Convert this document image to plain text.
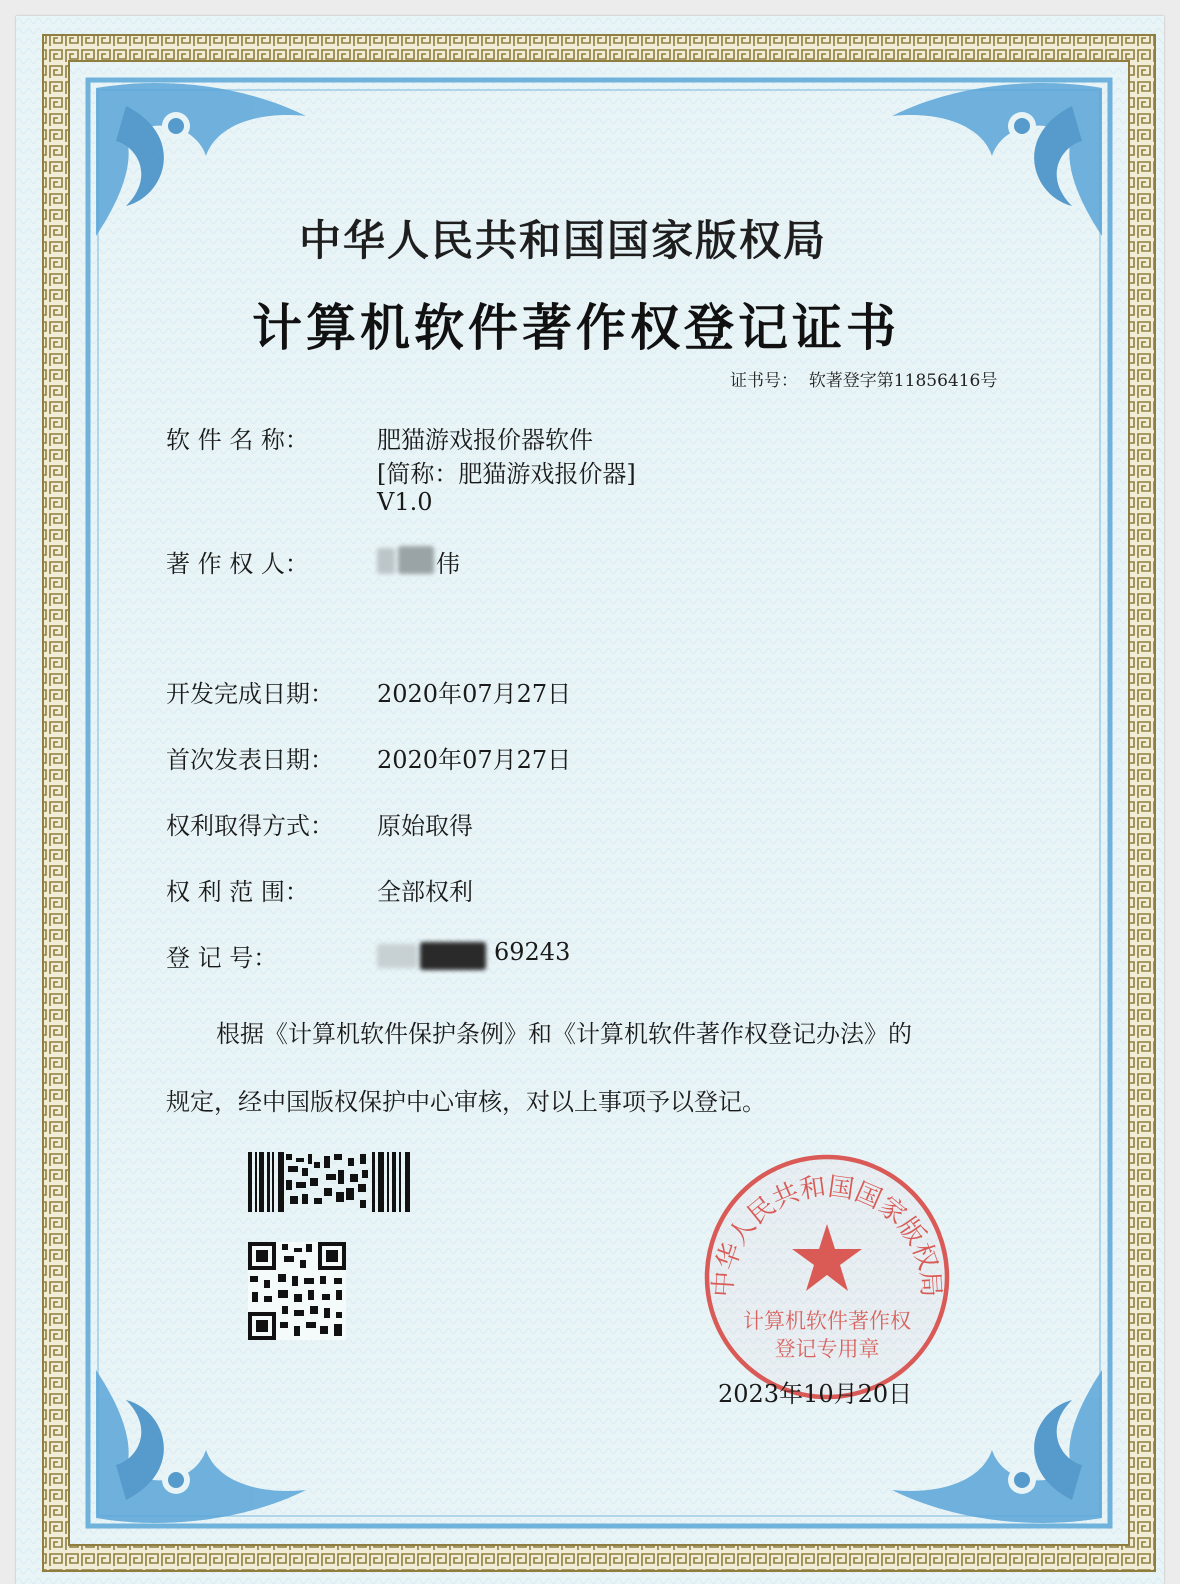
中华人民共和国国家版权局
计算机软件著作权登记证书
证书号： 软著登字第11856416号
软 件 名 称：	肥猫游戏报价器软件
[简称：肥猫游戏报价器]
V1.0
著 作 权 人：	伟
开发完成日期： 2020年07月27日
首次发表日期： 2020年07月27日
权利取得方式： 原始取得
权 利 范 围：	全部权利
登 记 号：	69243
根据《计算机软件保护条例》和《计算机软件著作权登记办法》的
规定，经中国版权保护中心审核，对以上事项予以登记。
中华人民共和国国家版权局
计算机软件著作权
登记专用章
2023年10月20日
